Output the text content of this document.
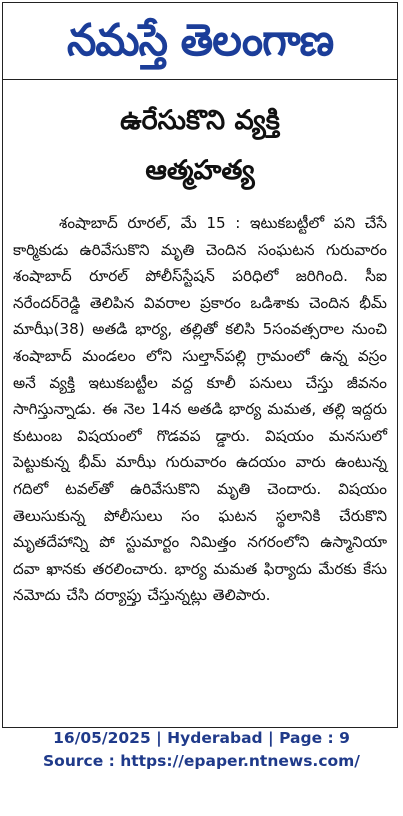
నమస్తే తెలంగాణ
ఉరేసుకొని వ్యక్తి
ఆత్మహత్య
శంషాబాద్ రూరల్, మే 15 : ఇటుకబట్టీలో పని చేసే కార్మికుడు ఉరివేసుకొని మృతి చెందిన సంఘటన గురువారం శంషాబాద్ రూరల్ పోలీస్‌స్టేషన్ పరిధిలో జరిగింది. సీఐ నరేందర్‌రెడ్డి తెలిపిన వివరాల ప్రకారం ఒడిశాకు చెందిన భీమ్ మాఝీ(38) అతడి భార్య, తల్లితో కలిసి 5సంవత్సరాల నుంచి శంషాబాద్ మండలం లోని సుల్తాన్‌పల్లి గ్రామంలో ఉన్న వస్రం అనే వ్యక్తి ఇటుకబట్టీల వద్ద కూలీ పనులు చేస్తు జీవనం సాగిస్తున్నాడు. ఈ నెల 14న అతడి భార్య మమత, తల్లి ఇద్దరు కుటుంబ విషయంలో గొడవప డ్డారు. విషయం మనసులో పెట్టుకున్న భీమ్ మాఝీ గురువారం ఉదయం వారు ఉంటున్న గదిలో టవల్‌తో ఉరివేసుకొని మృతి చెందారు. విషయం తెలుసుకున్న పోలీసులు సం ఘటన స్థలానికి చేరుకొని మృతదేహాన్ని పో స్టుమార్టం నిమిత్తం నగరంలోని ఉస్మానియా దవా ఖానకు తరలించారు. భార్య మమత ఫిర్యాదు మేరకు కేసు నమోదు చేసి దర్యాప్తు చేస్తున్నట్లు తెలిపారు.
16/05/2025 | Hyderabad | Page : 9
Source : https://epaper.ntnews.com/
